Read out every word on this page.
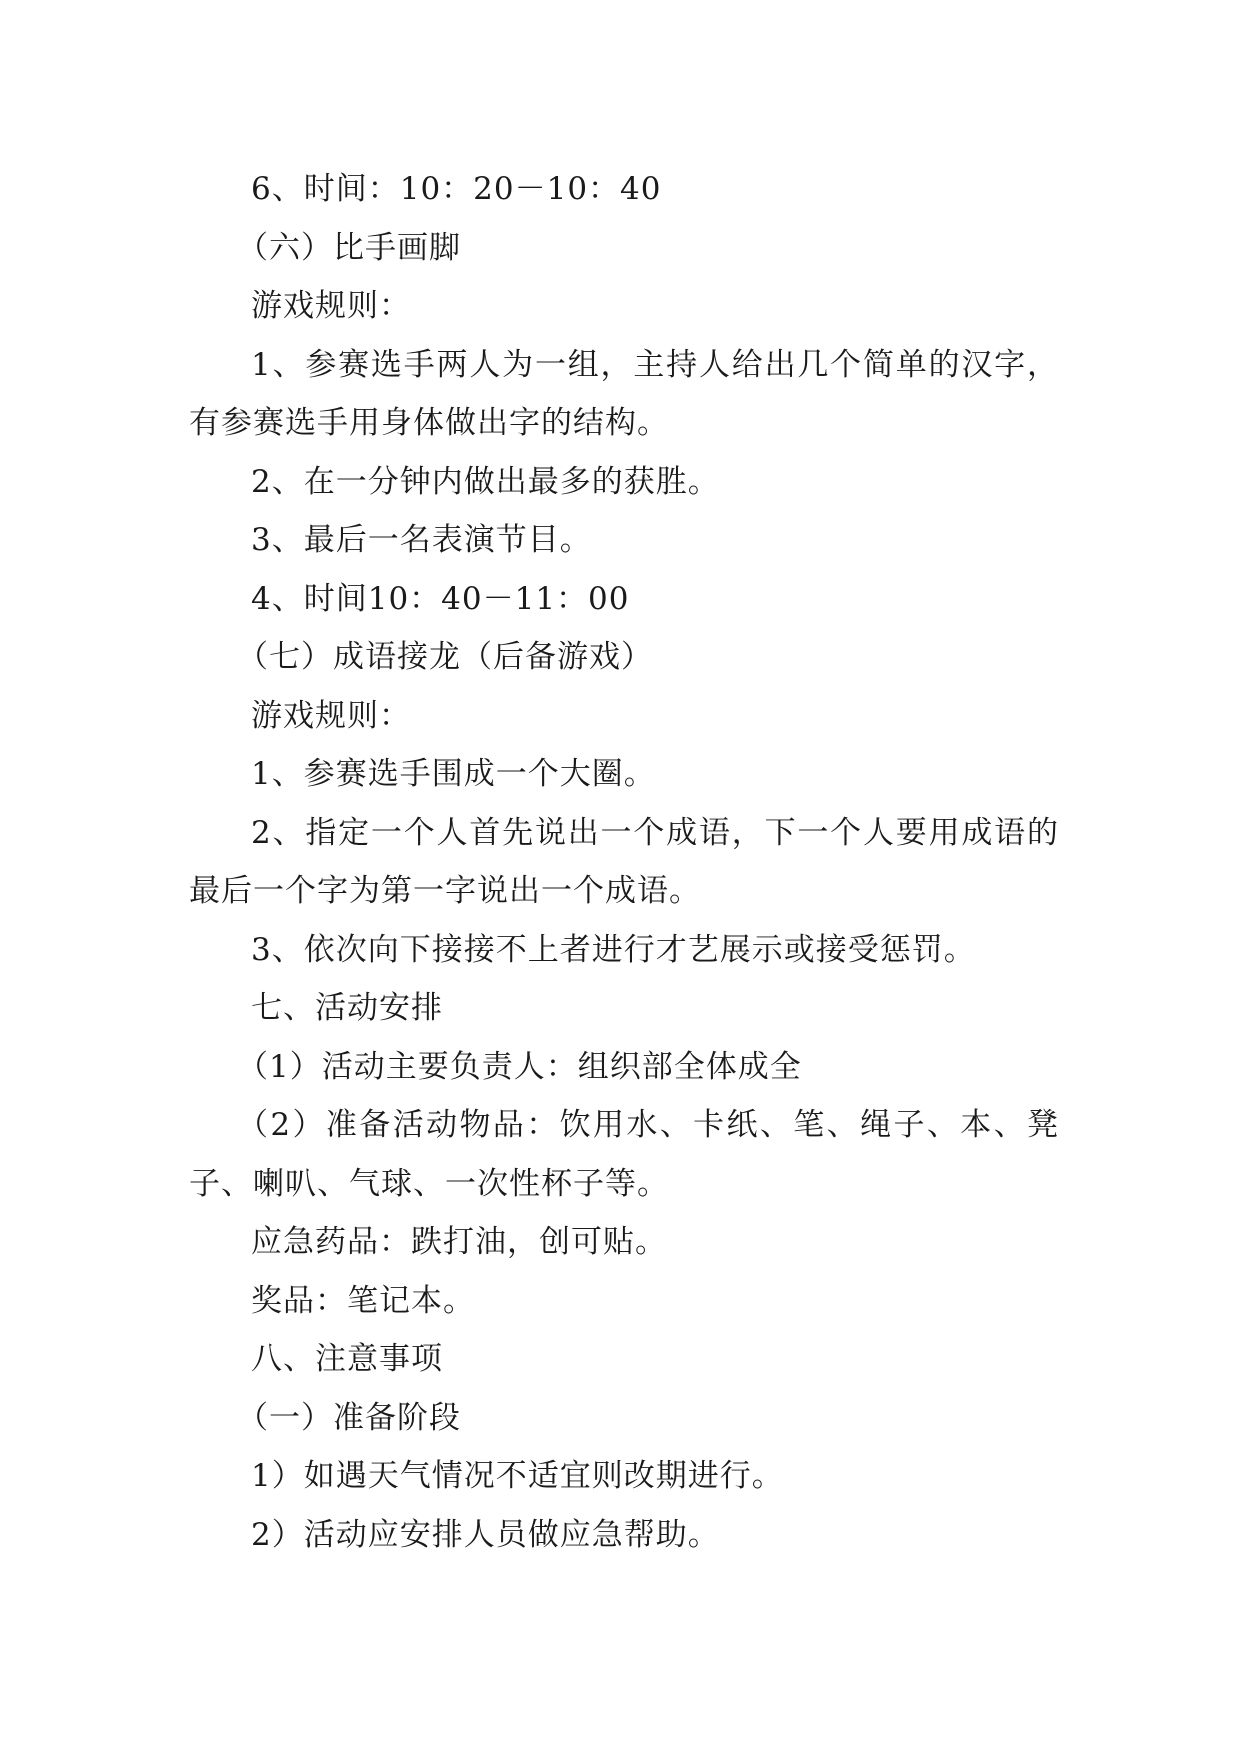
6、时间：10：20－10：40

（六）比手画脚

游戏规则：

1、参赛选手两人为一组，主持人给出几个简单的汉字，有参赛选手用身体做出字的结构。

2、在一分钟内做出最多的获胜。

3、最后一名表演节目。

4、时间10：40－11：00

（七）成语接龙（后备游戏）

游戏规则：

1、参赛选手围成一个大圈。

2、指定一个人首先说出一个成语，下一个人要用成语的最后一个字为第一字说出一个成语。

3、依次向下接接不上者进行才艺展示或接受惩罚。

七、活动安排

（1）活动主要负责人：组织部全体成全

（2）准备活动物品：饮用水、卡纸、笔、绳子、本、凳子、喇叭、气球、一次性杯子等。

应急药品：跌打油，创可贴。

奖品：笔记本。

八、注意事项

（一）准备阶段

1）如遇天气情况不适宜则改期进行。

2）活动应安排人员做应急帮助。
